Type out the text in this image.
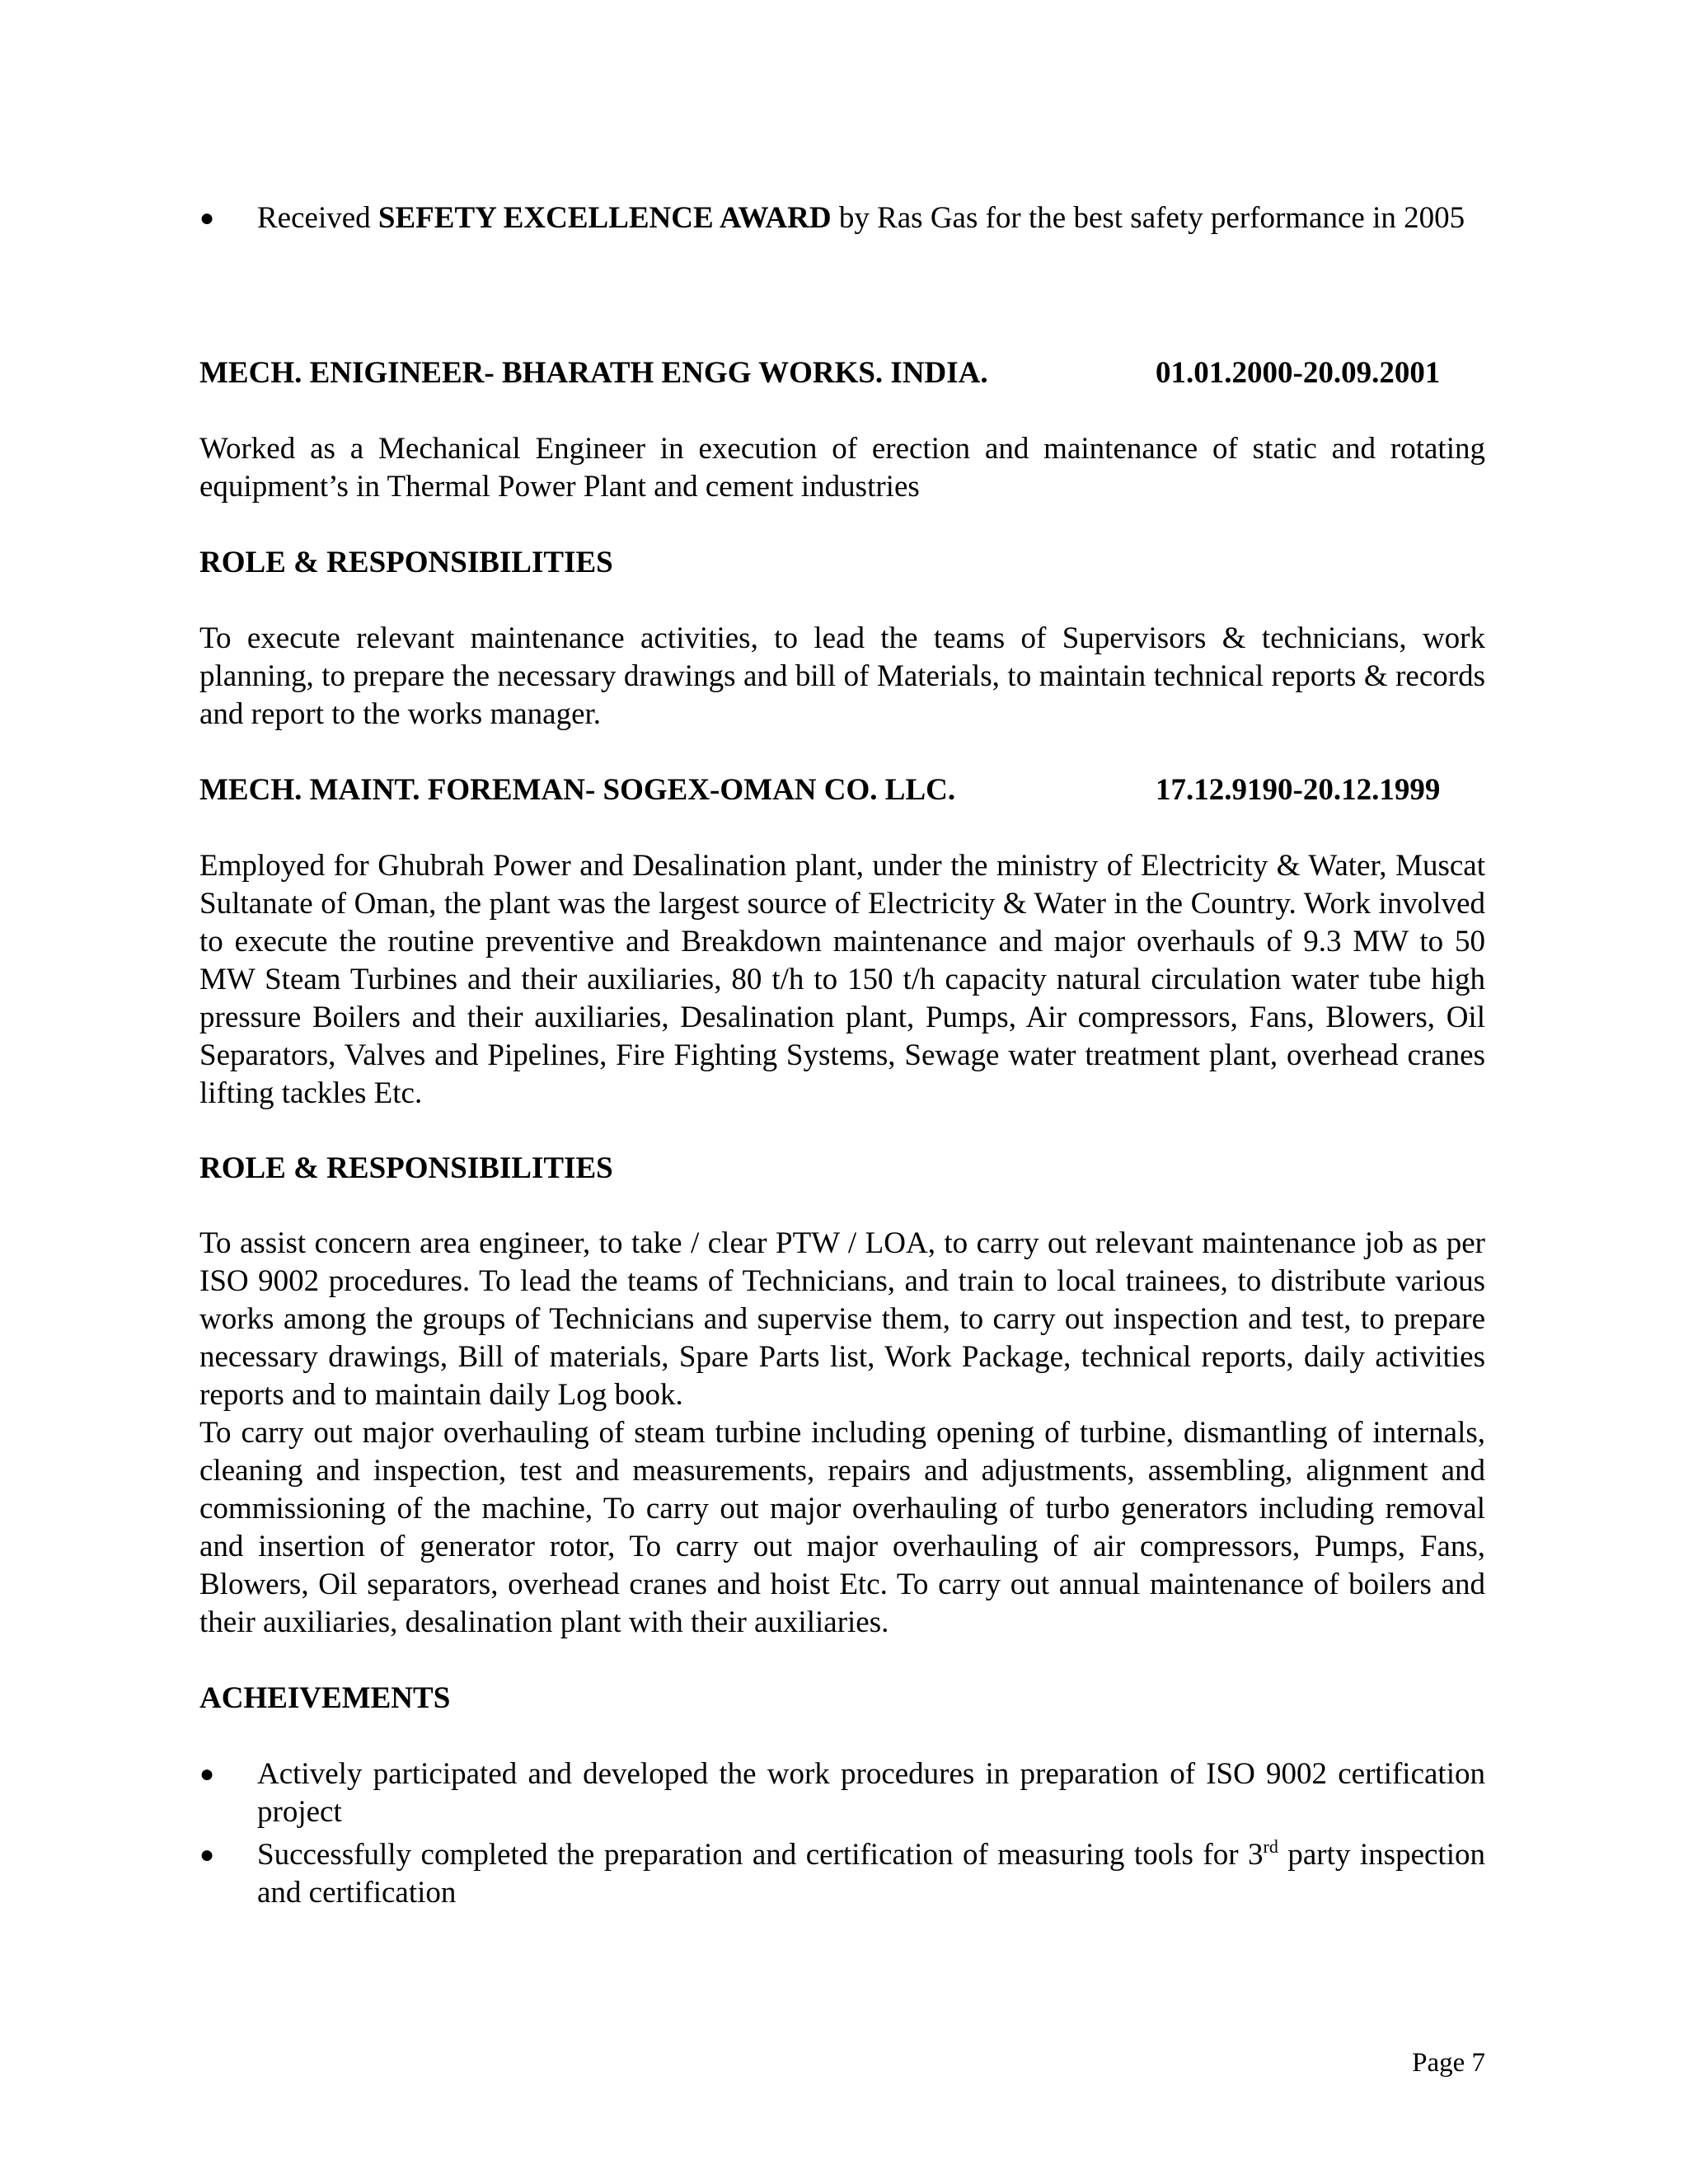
● Received SEFETY EXCELLENCE AWARD by Ras Gas for the best safety performance in 2005
MECH. ENIGINEER- BHARATH ENGG WORKS. INDIA.	01.01.2000-20.09.2001
Worked as a Mechanical Engineer in execution of erection and maintenance of static and rotating equipment’s in Thermal Power Plant and cement industries
ROLE & RESPONSIBILITIES
To execute relevant maintenance activities, to lead the teams of Supervisors & technicians, work planning, to prepare the necessary drawings and bill of Materials, to maintain technical reports & records and report to the works manager.
MECH. MAINT. FOREMAN- SOGEX-OMAN CO. LLC.	17.12.9190-20.12.1999
Employed for Ghubrah Power and Desalination plant, under the ministry of Electricity & Water, Muscat Sultanate of Oman, the plant was the largest source of Electricity & Water in the Country. Work involved to execute the routine preventive and Breakdown maintenance and major overhauls of 9.3 MW to 50 MW Steam Turbines and their auxiliaries, 80 t/h to 150 t/h capacity natural circulation water tube high pressure Boilers and their auxiliaries, Desalination plant, Pumps, Air compressors, Fans, Blowers, Oil Separators, Valves and Pipelines, Fire Fighting Systems, Sewage water treatment plant, overhead cranes lifting tackles Etc.
ROLE & RESPONSIBILITIES
To assist concern area engineer, to take / clear PTW / LOA, to carry out relevant maintenance job as per ISO 9002 procedures. To lead the teams of Technicians, and train to local trainees, to distribute various works among the groups of Technicians and supervise them, to carry out inspection and test, to prepare necessary drawings, Bill of materials, Spare Parts list, Work Package, technical reports, daily activities reports and to maintain daily Log book.
To carry out major overhauling of steam turbine including opening of turbine, dismantling of internals, cleaning and inspection, test and measurements, repairs and adjustments, assembling, alignment and commissioning of the machine, To carry out major overhauling of turbo generators including removal and insertion of generator rotor, To carry out major overhauling of air compressors, Pumps, Fans, Blowers, Oil separators, overhead cranes and hoist Etc. To carry out annual maintenance of boilers and their auxiliaries, desalination plant with their auxiliaries.
ACHEIVEMENTS
● Actively participated and developed the work procedures in preparation of ISO 9002 certification project
● Successfully completed the preparation and certification of measuring tools for 3rd party inspection and certification
Page 7
